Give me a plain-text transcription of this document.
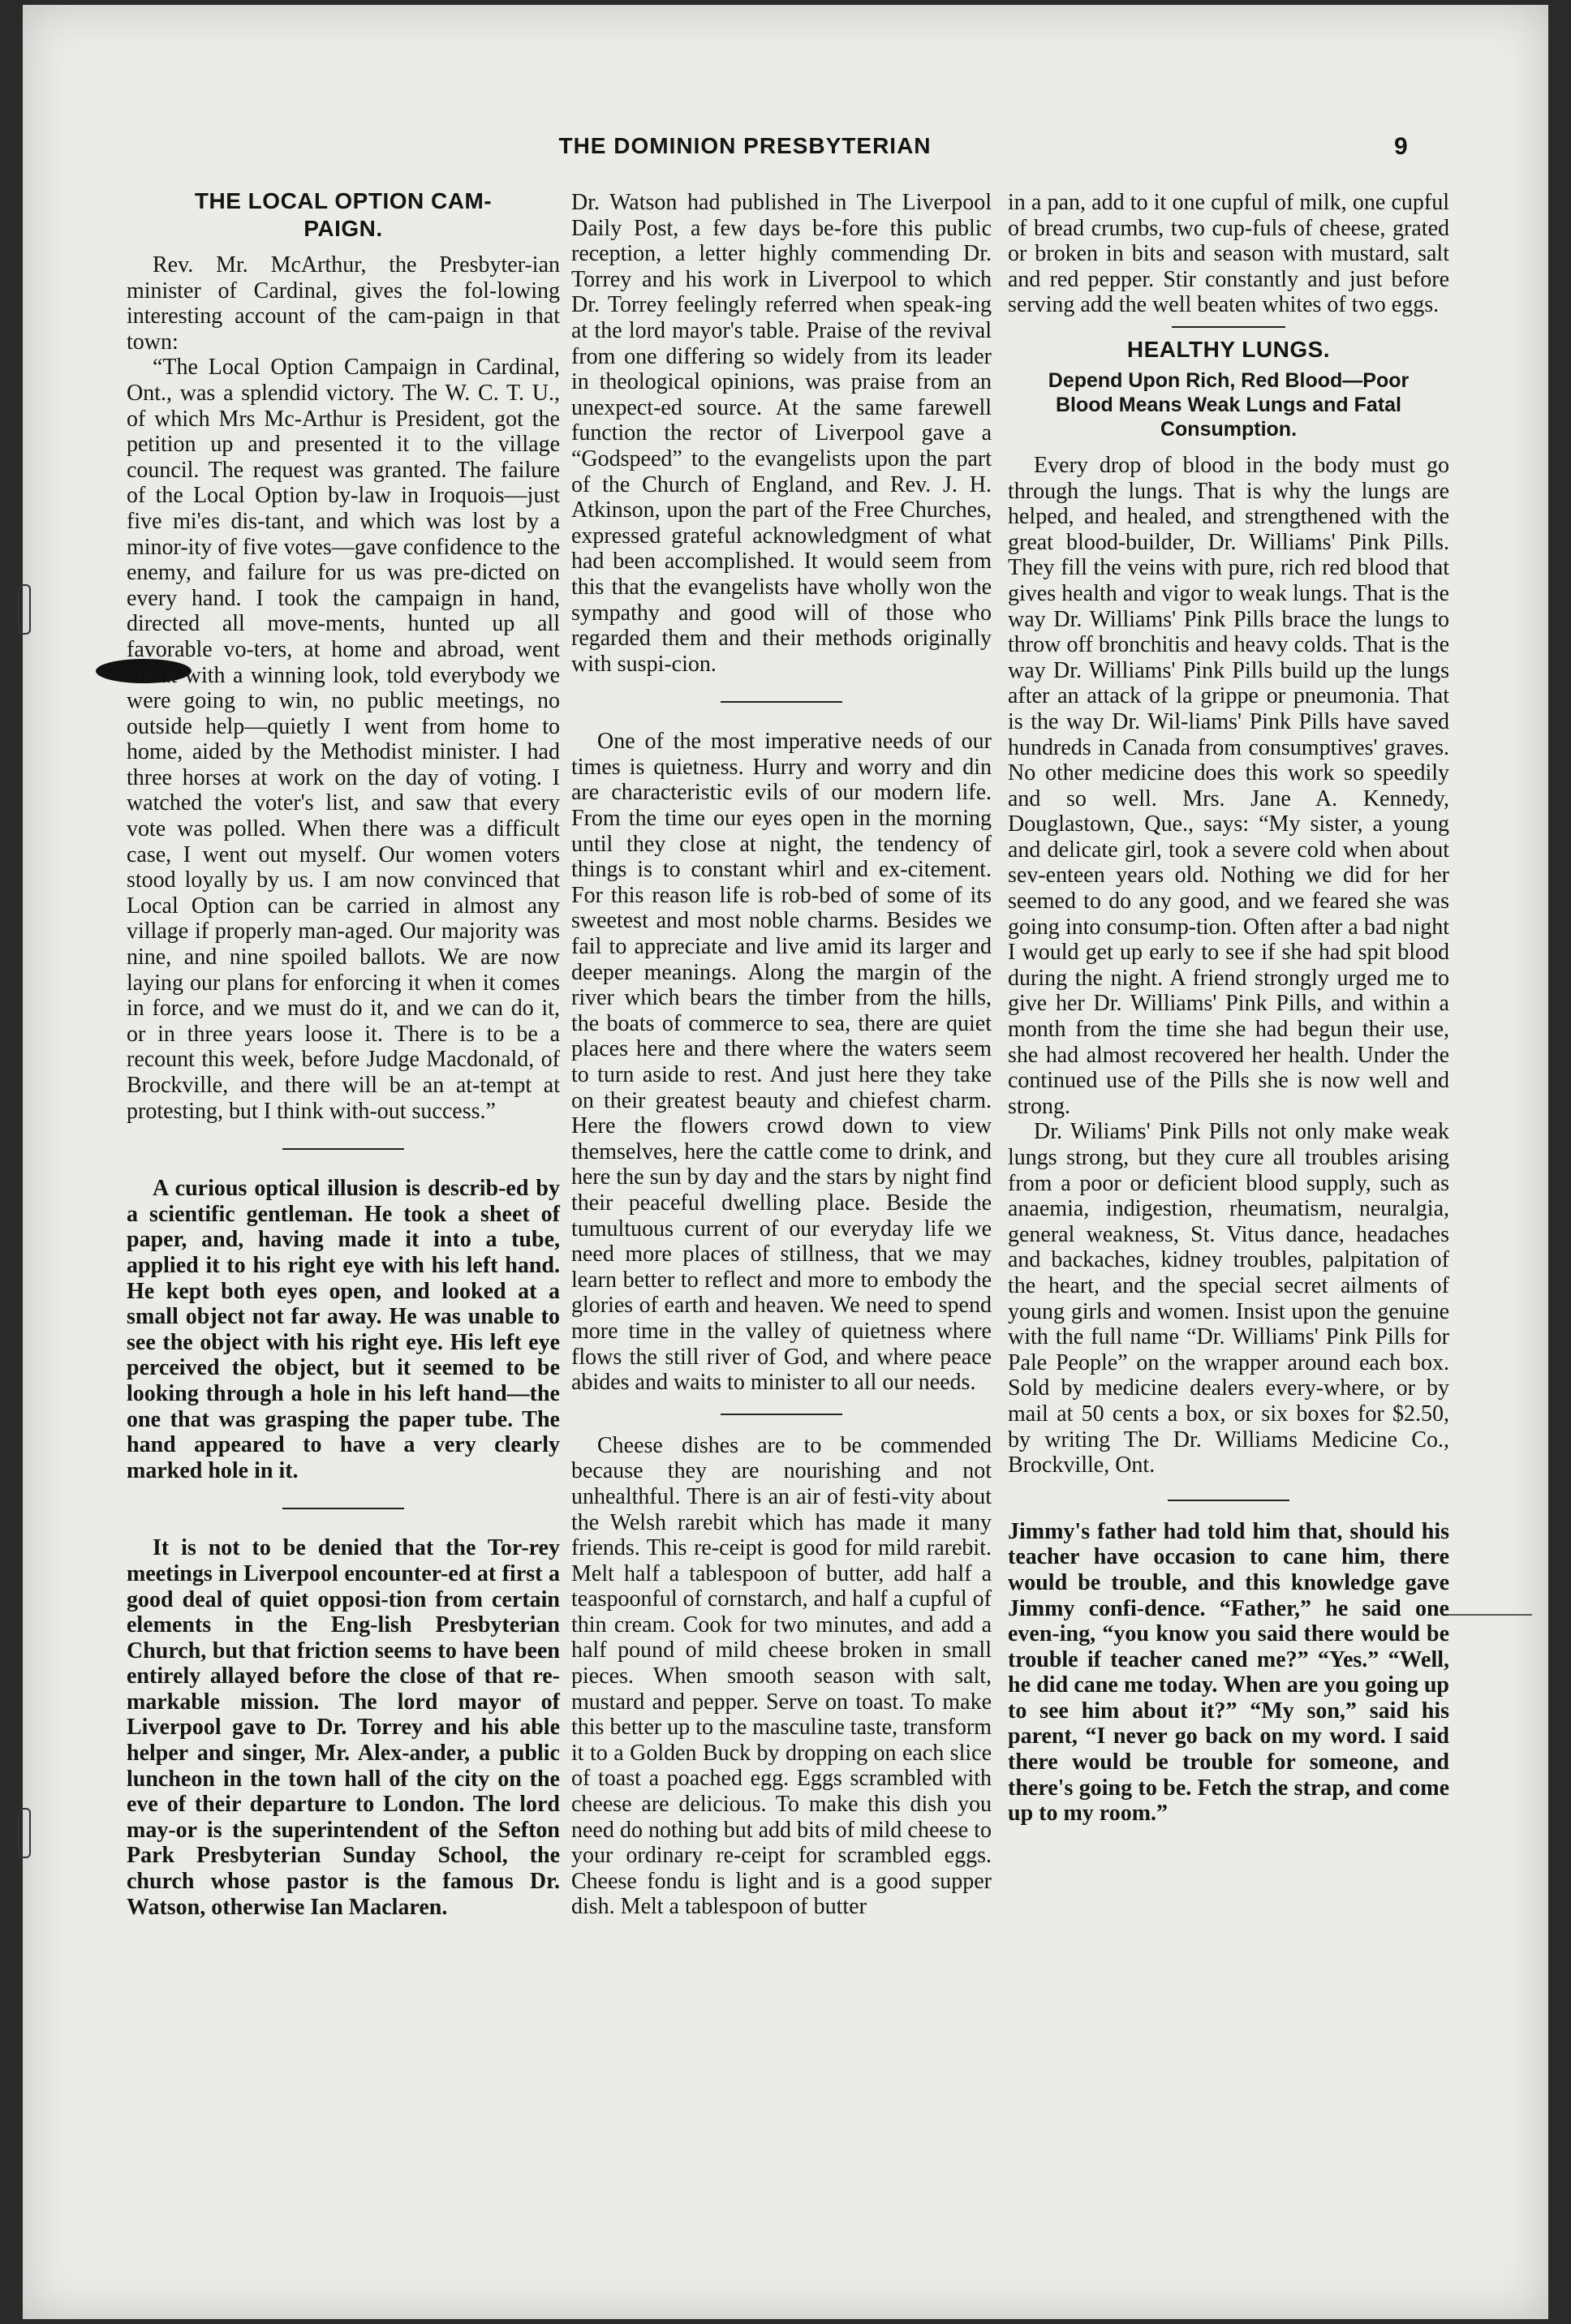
THE DOMINION PRESBYTERIAN	9
THE LOCAL OPTION CAM-
PAIGN.

Rev. Mr. McArthur, the Presbyter-ian minister of Cardinal, gives the fol-lowing interesting account of the cam-paign in that town:

“The Local Option Campaign in Cardinal, Ont., was a splendid victory. The W. C. T. U., of which Mrs Mc-Arthur is President, got the petition up and presented it to the village council. The request was granted. The failure of the Local Option by-law in Iroquois—just five mi'es dis-tant, and which was lost by a minor-ity of five votes—gave confidence to the enemy, and failure for us was pre-dicted on every hand. I took the campaign in hand, directed all move-ments, hunted up all favorable vo-ters, at home and abroad, went about with a winning look, told everybody we were going to win, no public meetings, no outside help—quietly I went from home to home, aided by the Methodist minister. I had three horses at work on the day of voting. I watched the voter's list, and saw that every vote was polled. When there was a difficult case, I went out myself. Our women voters stood loyally by us. I am now convinced that Local Option can be carried in almost any village if properly man-aged. Our majority was nine, and nine spoiled ballots. We are now laying our plans for enforcing it when it comes in force, and we must do it, and we can do it, or in three years loose it. There is to be a recount this week, before Judge Macdonald, of Brockville, and there will be an at-tempt at protesting, but I think with-out success.”

A curious optical illusion is describ-ed by a scientific gentleman. He took a sheet of paper, and, having made it into a tube, applied it to his right eye with his left hand. He kept both eyes open, and looked at a small object not far away. He was unable to see the object with his right eye. His left eye perceived the object, but it seemed to be looking through a hole in his left hand—the one that was grasping the paper tube. The hand appeared to have a very clearly marked hole in it.

It is not to be denied that the Tor-rey meetings in Liverpool encounter-ed at first a good deal of quiet opposi-tion from certain elements in the Eng-lish Presbyterian Church, but that friction seems to have been entirely allayed before the close of that re-markable mission. The lord mayor of Liverpool gave to Dr. Torrey and his able helper and singer, Mr. Alex-ander, a public luncheon in the town hall of the city on the eve of their departure to London. The lord may-or is the superintendent of the Sefton Park Presbyterian Sunday School, the church whose pastor is the famous Dr. Watson, otherwise Ian Maclaren.

Dr. Watson had published in The Liverpool Daily Post, a few days be-fore this public reception, a letter highly commending Dr. Torrey and his work in Liverpool to which Dr. Torrey feelingly referred when speak-ing at the lord mayor's table. Praise of the revival from one differing so widely from its leader in theological opinions, was praise from an unexpect-ed source. At the same farewell function the rector of Liverpool gave a “Godspeed” to the evangelists upon the part of the Church of England, and Rev. J. H. Atkinson, upon the part of the Free Churches, expressed grateful acknowledgment of what had been accomplished. It would seem from this that the evangelists have wholly won the sympathy and good will of those who regarded them and their methods originally with suspi-cion.

One of the most imperative needs of our times is quietness. Hurry and worry and din are characteristic evils of our modern life. From the time our eyes open in the morning until they close at night, the tendency of things is to constant whirl and ex-citement. For this reason life is rob-bed of some of its sweetest and most noble charms. Besides we fail to appreciate and live amid its larger and deeper meanings. Along the margin of the river which bears the timber from the hills, the boats of commerce to sea, there are quiet places here and there where the waters seem to turn aside to rest. And just here they take on their greatest beauty and chiefest charm. Here the flowers crowd down to view themselves, here the cattle come to drink, and here the sun by day and the stars by night find their peaceful dwelling place. Beside the tumultuous current of our everyday life we need more places of stillness, that we may learn better to reflect and more to embody the glories of earth and heaven. We need to spend more time in the valley of quietness where flows the still river of God, and where peace abides and waits to minister to all our needs.

Cheese dishes are to be commended because they are nourishing and not unhealthful. There is an air of festi-vity about the Welsh rarebit which has made it many friends. This re-ceipt is good for mild rarebit. Melt half a tablespoon of butter, add half a teaspoonful of cornstarch, and half a cupful of thin cream. Cook for two minutes, and add a half pound of mild cheese broken in small pieces. When smooth season with salt, mustard and pepper. Serve on toast. To make this better up to the masculine taste, transform it to a Golden Buck by dropping on each slice of toast a poached egg. Eggs scrambled with cheese are delicious. To make this dish you need do nothing but add bits of mild cheese to your ordinary re-ceipt for scrambled eggs. Cheese fondu is light and is a good supper dish. Melt a tablespoon of butter

in a pan, add to it one cupful of milk, one cupful of bread crumbs, two cup-fuls of cheese, grated or broken in bits and season with mustard, salt and red pepper. Stir constantly and just before serving add the well beaten whites of two eggs.

HEALTHY LUNGS.
Depend Upon Rich, Red Blood—Poor Blood Means Weak Lungs and Fatal Consumption.

Every drop of blood in the body must go through the lungs. That is why the lungs are helped, and healed, and strengthened with the great blood-builder, Dr. Williams' Pink Pills. They fill the veins with pure, rich red blood that gives health and vigor to weak lungs. That is the way Dr. Williams' Pink Pills brace the lungs to throw off bronchitis and heavy colds. That is the way Dr. Williams' Pink Pills build up the lungs after an attack of la grippe or pneumonia. That is the way Dr. Wil-liams' Pink Pills have saved hundreds in Canada from consumptives' graves. No other medicine does this work so speedily and so well. Mrs. Jane A. Kennedy, Douglastown, Que., says: “My sister, a young and delicate girl, took a severe cold when about sev-enteen years old. Nothing we did for her seemed to do any good, and we feared she was going into consump-tion. Often after a bad night I would get up early to see if she had spit blood during the night. A friend strongly urged me to give her Dr. Williams' Pink Pills, and within a month from the time she had begun their use, she had almost recovered her health. Under the continued use of the Pills she is now well and strong.

Dr. Wiliams' Pink Pills not only make weak lungs strong, but they cure all troubles arising from a poor or deficient blood supply, such as anaemia, indigestion, rheumatism, neuralgia, general weakness, St. Vitus dance, headaches and backaches, kidney troubles, palpitation of the heart, and the special secret ailments of young girls and women. Insist upon the genuine with the full name “Dr. Williams' Pink Pills for Pale People” on the wrapper around each box. Sold by medicine dealers every-where, or by mail at 50 cents a box, or six boxes for $2.50, by writing The Dr. Williams Medicine Co., Brockville, Ont.

Jimmy's father had told him that, should his teacher have occasion to cane him, there would be trouble, and this knowledge gave Jimmy confi-dence. “Father,” he said one even-ing, “you know you said there would be trouble if teacher caned me?” “Yes.” “Well, he did cane me today. When are you going up to see him about it?” “My son,” said his parent, “I never go back on my word. I said there would be trouble for someone, and there's going to be. Fetch the strap, and come up to my room.”
